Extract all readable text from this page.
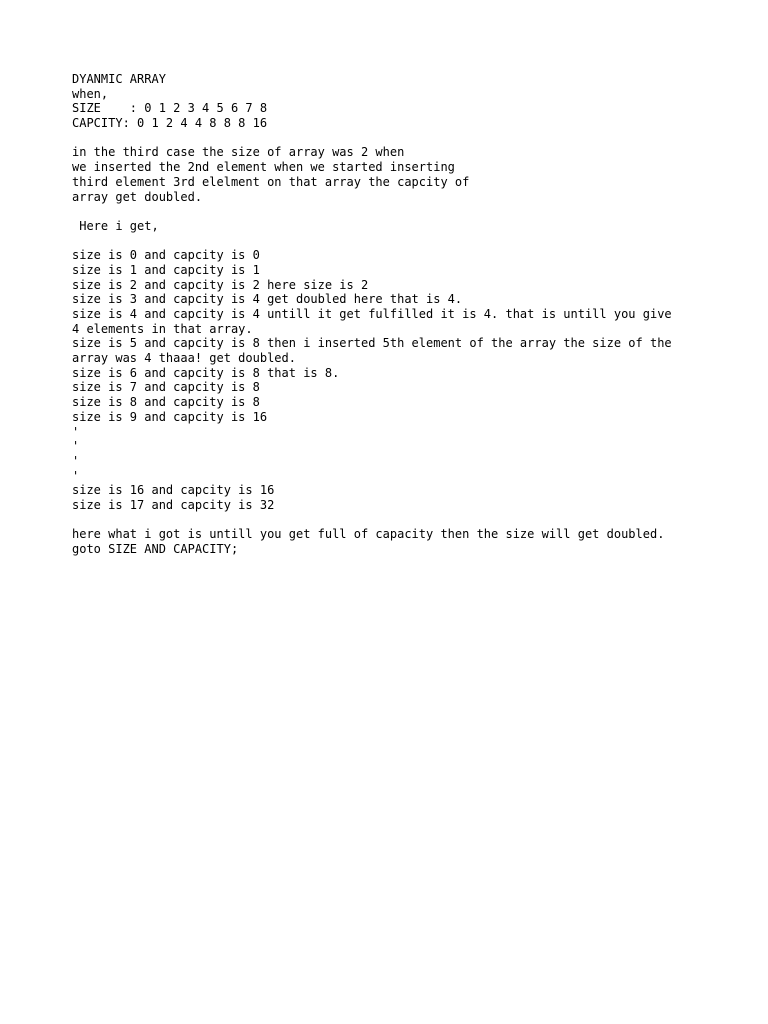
DYANMIC ARRAY
when,
SIZE    : 0 1 2 3 4 5 6 7 8
CAPCITY: 0 1 2 4 4 8 8 8 16
in the third case the size of array was 2 when
we inserted the 2nd element when we started inserting
third element 3rd elelment on that array the capcity of
array get doubled.
Here i get,
size is 0 and capcity is 0
size is 1 and capcity is 1
size is 2 and capcity is 2 here size is 2
size is 3 and capcity is 4 get doubled here that is 4.
size is 4 and capcity is 4 untill it get fulfilled it is 4. that is untill you give
4 elements in that array.
size is 5 and capcity is 8 then i inserted 5th element of the array the size of the
array was 4 thaaa! get doubled.
size is 6 and capcity is 8 that is 8.
size is 7 and capcity is 8
size is 8 and capcity is 8
size is 9 and capcity is 16
'
'
'
'
size is 16 and capcity is 16
size is 17 and capcity is 32
here what i got is untill you get full of capacity then the size will get doubled.
goto SIZE AND CAPACITY;
